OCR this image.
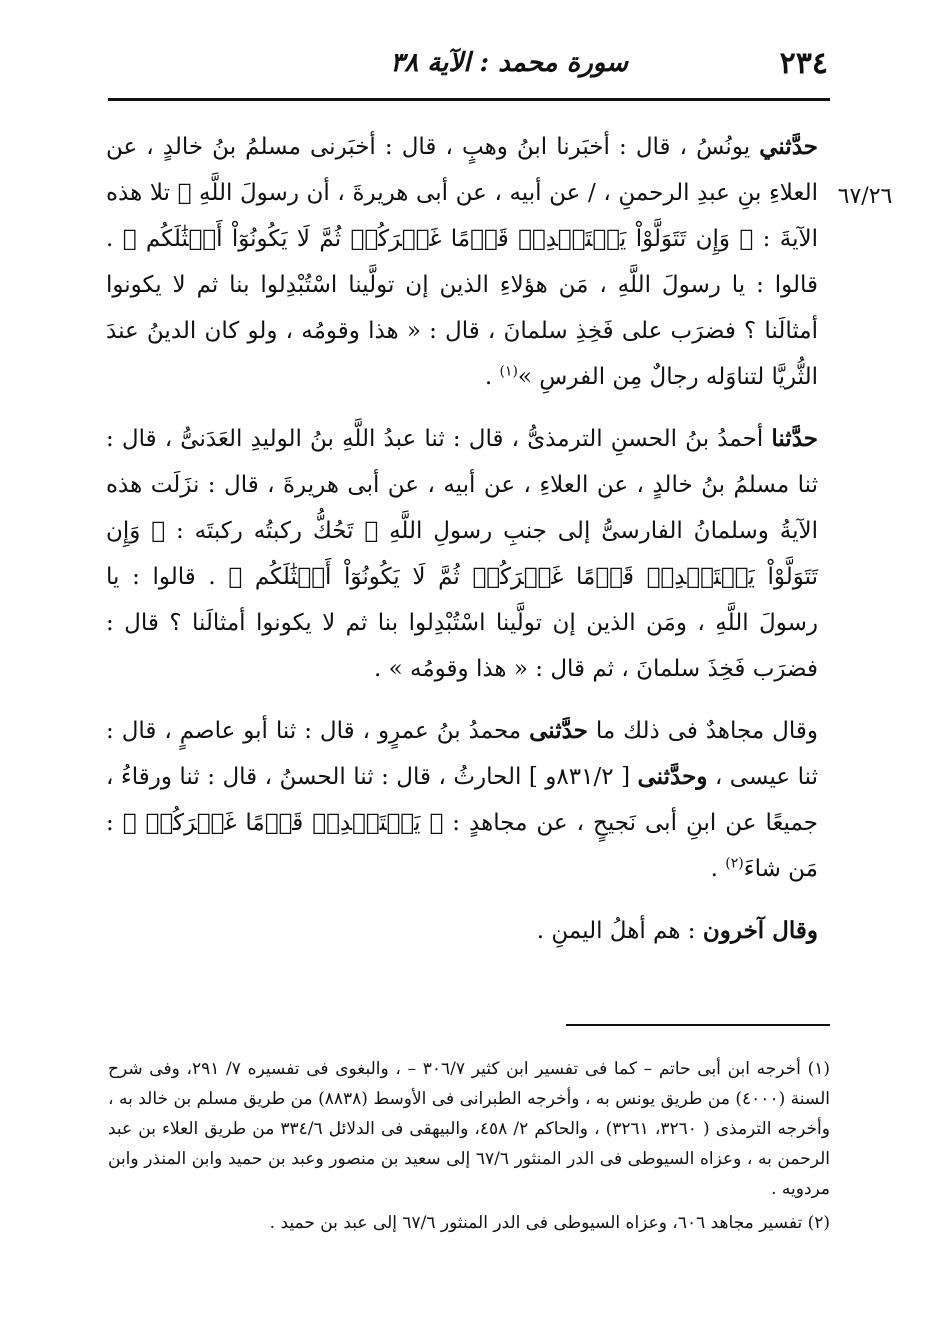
٢٣٤
سورة محمد : الآية ٣٨
٦٧/٢٦

حدَّثني يونُسُ ، قال : أخبَرنا ابنُ وهبٍ ، قال : أخبَرنى مسلمُ بنُ خالدٍ ، عن العلاءِ بنِ عبدِ الرحمنِ ، / عن أبيه ، عن أبى هريرةَ ، أن رسولَ اللَّهِ ﷺ تلا هذه الآيةَ : ﴿ وَإِن تَتَوَلَّوْاْ يَسۡتَبۡدِلۡ قَوۡمًا غَيۡرَكُمۡ ثُمَّ لَا يَكُونُوٓاْ أَمۡثَٰلَكُم ﴾ . قالوا : يا رسولَ اللَّهِ ، مَن هؤلاءِ الذين إن تولَّينا اسْتُبْدِلوا بنا ثم لا يكونوا أمثالَنا ؟ فضرَب على فَخِذِ سلمانَ ، قال : « هذا وقومُه ، ولو كان الدينُ عندَ الثُّريَّا لتناوَله رجالٌ مِن الفرسِ »$^{(١)}$ .

حدَّثنا أحمدُ بنُ الحسنِ الترمذىُّ ، قال : ثنا عبدُ اللَّهِ بنُ الوليدِ العَدَنىُّ ، قال : ثنا مسلمُ بنُ خالدٍ ، عن العلاءِ ، عن أبيه ، عن أبى هريرةَ ، قال : نزَلَت هذه الآيةُ وسلمانُ الفارسىُّ إلى جنبِ رسولِ اللَّهِ ﷺ تَحُكُّ ركبتُه ركبتَه : ﴿ وَإِن تَتَوَلَّوْاْ يَسۡتَبۡدِلۡ قَوۡمًا غَيۡرَكُمۡ ثُمَّ لَا يَكُونُوٓاْ أَمۡثَٰلَكُم ﴾ . قالوا : يا رسولَ اللَّهِ ، ومَن الذين إن تولَّينا اسْتُبْدِلوا بنا ثم لا يكونوا أمثالَنا ؟ قال : فضرَب فَخِذَ سلمانَ ، ثم قال : « هذا وقومُه » .

وقال مجاهدٌ فى ذلك ما حدَّثنى محمدُ بنُ عمرٍو ، قال : ثنا أبو عاصمٍ ، قال : ثنا عيسى ، وحدَّثنى [ ٨٣١/٢و ] الحارثُ ، قال : ثنا الحسنُ ، قال : ثنا ورقاءُ ، جميعًا عن ابنِ أبى نَجيحٍ ، عن مجاهدٍ : ﴿ يَسۡتَبۡدِلۡ قَوۡمًا غَيۡرَكُمۡ ﴾ : مَن شاءَ$^{(٢)}$ .

وقال آخرون : هم أهلُ اليمنِ .

(١) أخرجه ابن أبى حاتم – كما فى تفسير ابن كثير ٣٠٦/٧ – ، والبغوى فى تفسيره ٧/ ٢٩١، وفى شرح السنة (٤٠٠٠) من طريق يونس به ، وأخرجه الطبرانى فى الأوسط (٨٨٣٨) من طريق مسلم بن خالد به ، وأخرجه الترمذى ( ٣٢٦٠، ٣٢٦١) ، والحاكم ٢/ ٤٥٨، والبيهقى فى الدلائل ٣٣٤/٦ من طريق العلاء بن عبد الرحمن به ، وعزاه السيوطى فى الدر المنثور ٦٧/٦ إلى سعيد بن منصور وعبد بن حميد وابن المنذر وابن مردويه .

(٢) تفسير مجاهد ٦٠٦، وعزاه السيوطى فى الدر المنثور ٦٧/٦ إلى عبد بن حميد .
